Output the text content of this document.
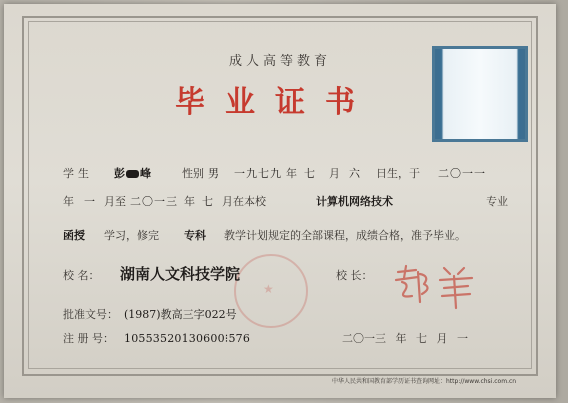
成人高等教育
毕业证书
学生 彭 峰	性别 男 一九七九 年 七 月 六 日生，于 二〇一一
年 一 月至 二〇一三 年 七 月在本校	计算机网络技术	专业
函授 学习，修完 专科 教学计划规定的全部课程，成绩合格，准予毕业。
★
校 名： 湖南人文科技学院	校 长：
批准文号： (1987)教高三字022号
注 册 号： 10553520130600⁝576	二〇一三 年 七 月 一
中华人民共和国教育部学历证书查询网址：http://www.chsi.com.cn
